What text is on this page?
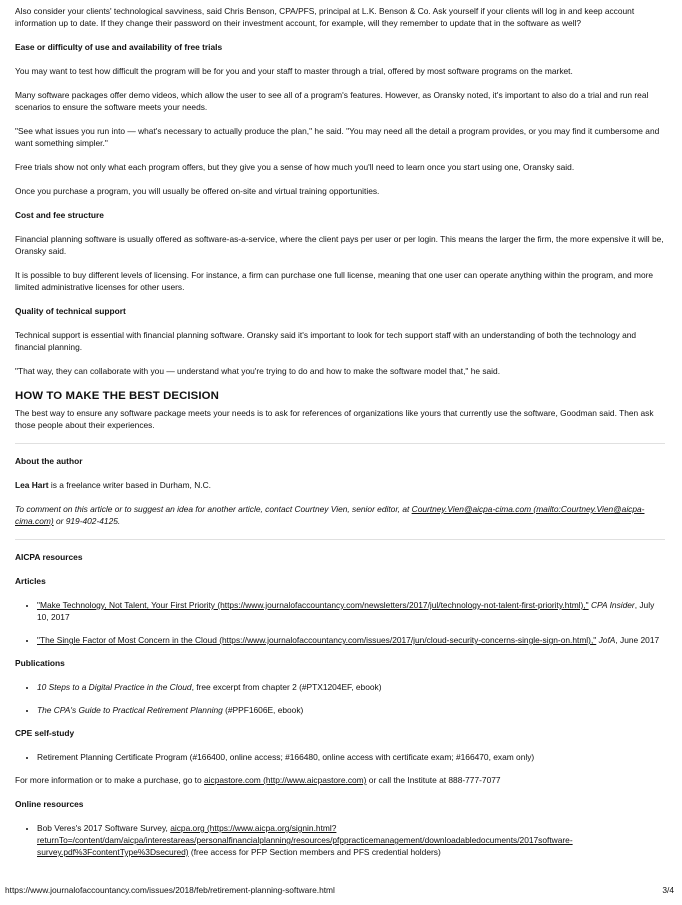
Also consider your clients' technological savviness, said Chris Benson, CPA/PFS, principal at L.K. Benson & Co. Ask yourself if your clients will log in and keep account information up to date. If they change their password on their investment account, for example, will they remember to update that in the software as well?

Ease or difficulty of use and availability of free trials

You may want to test how difficult the program will be for you and your staff to master through a trial, offered by most software programs on the market.

Many software packages offer demo videos, which allow the user to see all of a program's features. However, as Oransky noted, it's important to also do a trial and run real scenarios to ensure the software meets your needs.

"See what issues you run into — what's necessary to actually produce the plan," he said. "You may need all the detail a program provides, or you may find it cumbersome and want something simpler."

Free trials show not only what each program offers, but they give you a sense of how much you'll need to learn once you start using one, Oransky said.

Once you purchase a program, you will usually be offered on-site and virtual training opportunities.

Cost and fee structure

Financial planning software is usually offered as software-as-a-service, where the client pays per user or per login. This means the larger the firm, the more expensive it will be, Oransky said.

It is possible to buy different levels of licensing. For instance, a firm can purchase one full license, meaning that one user can operate anything within the program, and more limited administrative licenses for other users.

Quality of technical support

Technical support is essential with financial planning software. Oransky said it's important to look for tech support staff with an understanding of both the technology and financial planning.

"That way, they can collaborate with you — understand what you're trying to do and how to make the software model that," he said.

HOW TO MAKE THE BEST DECISION

The best way to ensure any software package meets your needs is to ask for references of organizations like yours that currently use the software, Goodman said. Then ask those people about their experiences.

About the author

Lea Hart is a freelance writer based in Durham, N.C.

To comment on this article or to suggest an idea for another article, contact Courtney Vien, senior editor, at Courtney.Vien@aicpa-cima.com (mailto:Courtney.Vien@aicpa-cima.com) or 919-402-4125.

AICPA resources

Articles

• "Make Technology, Not Talent, Your First Priority (https://www.journalofaccountancy.com/newsletters/2017/jul/technology-not-talent-first-priority.html)," CPA Insider, July 10, 2017
• "The Single Factor of Most Concern in the Cloud (https://www.journalofaccountancy.com/issues/2017/jun/cloud-security-concerns-single-sign-on.html)," JofA, June 2017

Publications

• 10 Steps to a Digital Practice in the Cloud, free excerpt from chapter 2 (#PTX1204EF, ebook)
• The CPA's Guide to Practical Retirement Planning (#PPF1606E, ebook)

CPE self-study

• Retirement Planning Certificate Program (#166400, online access; #166480, online access with certificate exam; #166470, exam only)

For more information or to make a purchase, go to aicpastore.com (http://www.aicpastore.com) or call the Institute at 888-777-7077

Online resources

• Bob Veres's 2017 Software Survey, aicpa.org (https://www.aicpa.org/signin.html?returnTo=/content/dam/aicpa/interestareas/personalfinancialplanning/resources/pfppracticemanagement/downloadabledocuments/2017software-survey.pdf%3FcontentType%3Dsecured) (free access for PFP Section members and PFS credential holders)
https://www.journalofaccountancy.com/issues/2018/feb/retirement-planning-software.html	3/4
